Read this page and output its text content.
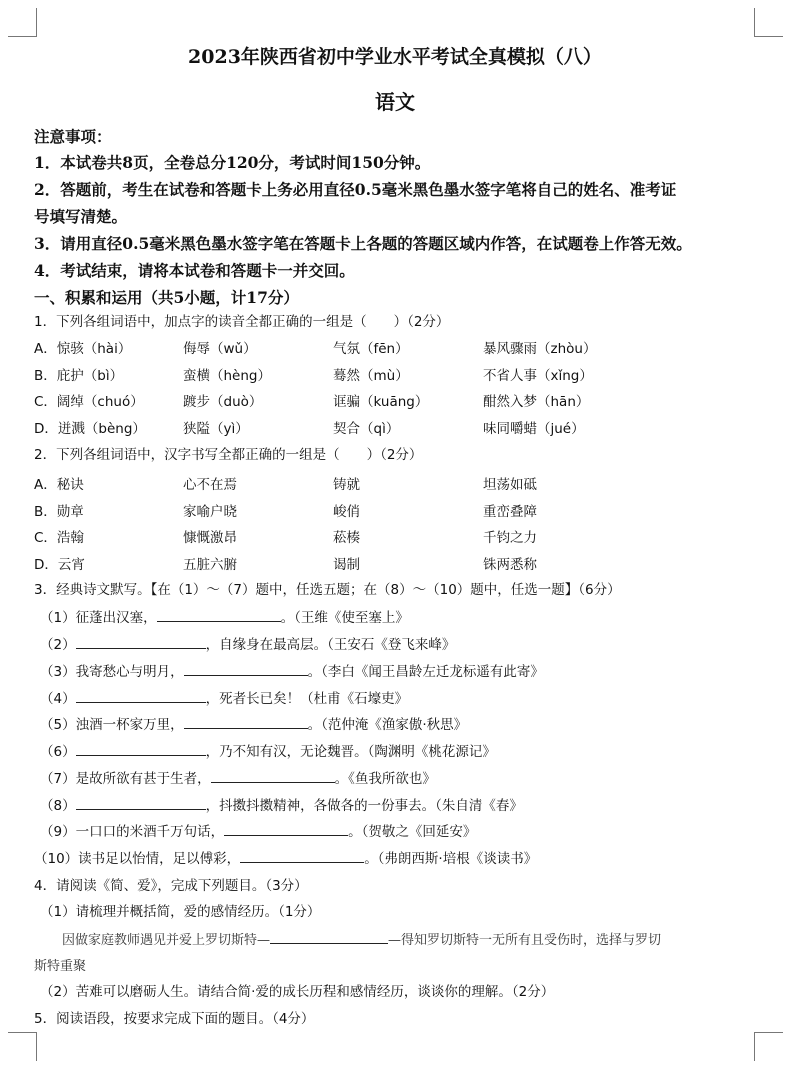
2023年陕西省初中学业水平考试全真模拟（八）
语文
注意事项：
1．本试卷共8页，全卷总分120分，考试时间150分钟。
2．答题前，考生在试卷和答题卡上务必用直径0.5毫米黑色墨水签字笔将自己的姓名、准考证
号填写清楚。
3．请用直径0.5毫米黑色墨水签字笔在答题卡上各题的答题区域内作答，在试题卷上作答无效。
4．考试结束，请将本试卷和答题卡一并交回。
一、积累和运用（共5小题，计17分）
1．下列各组词语中，加点字的读音全都正确的一组是（　　）（2分）
A．惊骇（hài）	侮辱（wǔ）	气氛（fēn）	暴风骤雨（zhòu）
B．庇护（bì）	蛮横（hèng）	蓦然（mù）	不省人事（xǐng）
C．阔绰（chuó）	踱步（duò）	诓骗（kuāng）	酣然入梦（hān）
D．迸溅（bèng）	狭隘（yì）	契合（qì）	味同嚼蜡（jué）
2．下列各组词语中，汉字书写全都正确的一组是（　　）（2分）
A．秘诀	心不在焉	铸就	坦荡如砥
B．勋章	家喻户晓	峻俏	重峦叠障
C．浩翰	慷慨激昂	菘楱	千钧之力
D．云宵	五脏六腑	谒制	铢两悉称
3．经典诗文默写。【在（1）～（7）题中，任选五题；在（8）～（10）题中，任选一题】（6分）
（1）征蓬出汉塞，	。（王维《使至塞上》
（2）	，自缘身在最高层。（王安石《登飞来峰》
（3）我寄愁心与明月，	。（李白《闻王昌龄左迁龙标遥有此寄》
（4）	，死者长已矣！（杜甫《石壕吏》
（5）浊酒一杯家万里，	。（范仲淹《渔家傲·秋思》
（6）	，乃不知有汉，无论魏晋。（陶渊明《桃花源记》
（7）是故所欲有甚于生者，	。《鱼我所欲也》
（8）	，抖擞抖擞精神，各做各的一份事去。（朱自清《春》
（9）一口口的米酒千万句话，	。（贺敬之《回延安》
（10）读书足以怡情，足以傅彩，	。（弗朗西斯·培根《谈读书》
4．请阅读《简、爱》，完成下列题目。（3分）
（1）请梳理并概括简，爱的感情经历。（1分）
因做家庭教师遇见并爱上罗切斯特—	—得知罗切斯特一无所有且受伤时，选择与罗切
斯特重聚
（2）苦难可以磨砺人生。请结合简·爱的成长历程和感情经历，谈谈你的理解。（2分）
5．阅读语段，按要求完成下面的题目。（4分）
